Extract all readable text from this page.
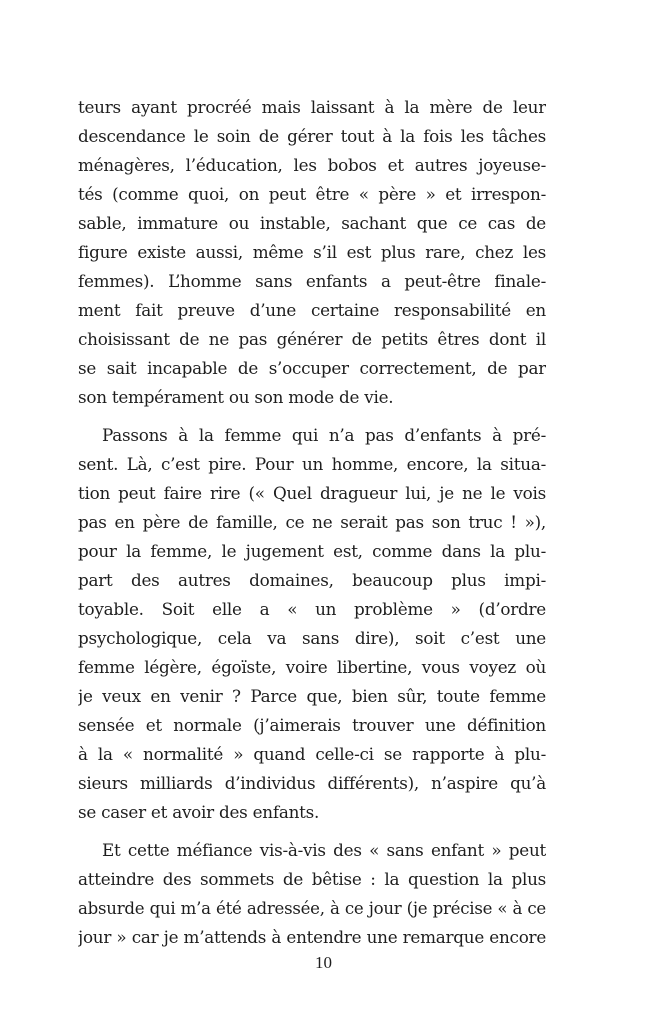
teurs ayant procréé mais laissant à la mère de leur
descendance le soin de gérer tout à la fois les tâches
ménagères, l’éducation, les bobos et autres joyeuse-
tés (comme quoi, on peut être « père » et irrespon-
sable, immature ou instable, sachant que ce cas de
figure existe aussi, même s’il est plus rare, chez les
femmes). L’homme sans enfants a peut-être finale-
ment fait preuve d’une certaine responsabilité en
choisissant de ne pas générer de petits êtres dont il
se sait incapable de s’occuper correctement, de par
son tempérament ou son mode de vie.

Passons à la femme qui n’a pas d’enfants à pré-
sent. Là, c’est pire. Pour un homme, encore, la situa-
tion peut faire rire (« Quel dragueur lui, je ne le vois
pas en père de famille, ce ne serait pas son truc ! »),
pour la femme, le jugement est, comme dans la plu-
part des autres domaines, beaucoup plus impi-
toyable. Soit elle a « un problème » (d’ordre
psychologique, cela va sans dire), soit c’est une
femme légère, égoïste, voire libertine, vous voyez où
je veux en venir ? Parce que, bien sûr, toute femme
sensée et normale (j’aimerais trouver une définition
à la « normalité » quand celle-ci se rapporte à plu-
sieurs milliards d’individus différents), n’aspire qu’à
se caser et avoir des enfants.

Et cette méfiance vis-à-vis des « sans enfant » peut
atteindre des sommets de bêtise : la question la plus
absurde qui m’a été adressée, à ce jour (je précise « à ce
jour » car je m’attends à entendre une remarque encore

10
